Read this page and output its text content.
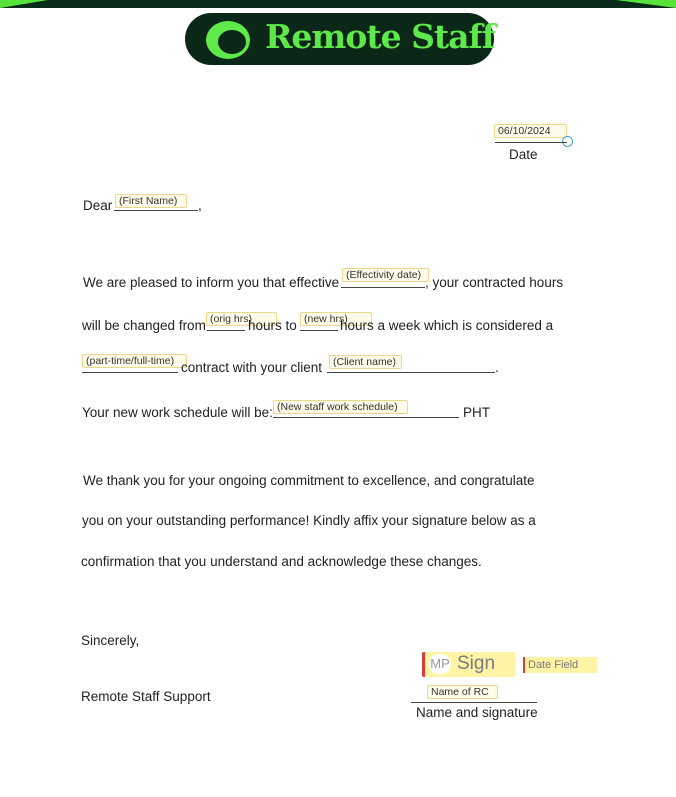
Remote Staff
06/10/2024
Date
Dear (First Name)	,
We are pleased to inform you that effective (Effectivity date) , your contracted hours
will be changed from (orig hrs)
hours to (new hrs)
hours a week which is considered a
(part-time/full-time) contract with your client	(Client name)	.
Your new work schedule will be: (New staff work schedule)	PHT
We thank you for your ongoing commitment to excellence, and congratulate
you on your outstanding performance! Kindly affix your signature below as a
confirmation that you understand and acknowledge these changes.
Sincerely,
Remote Staff Support
MP Sign	Date Field
Name of RC
Name and signature
